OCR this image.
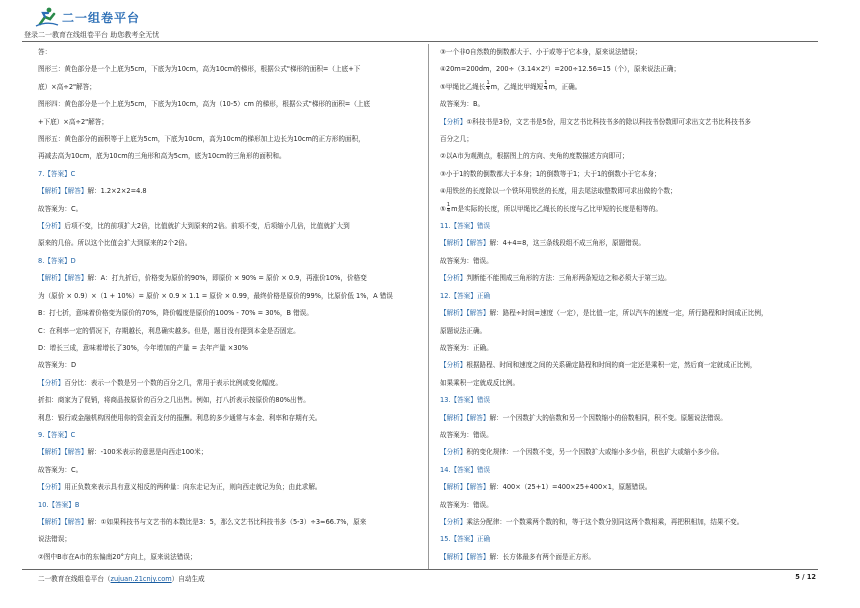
二一组卷平台
登录二一教育在线组卷平台 助您教考全无忧

答：

图形三：黄色部分是一个上底为5cm，下底为为10cm，高为10cm的梯形，根据公式"梯形的面积=（上底+下

底）×高÷2"解答；

图形四：黄色部分是一个上底为5cm，下底为为10cm，高为（10-5）cm 的梯形，根据公式"梯形的面积=（上底

+下底）×高÷2"解答；

图形五：黄色部分的面积等于上底为5cm，下底为10cm，高为10cm的梯形加上边长为10cm的正方形的面积，

再减去高为10cm，底为10cm的三角形和高为5cm，底为10cm的三角形的面积和。

7.【答案】C

【解析】【解答】解：1.2×2×2=4.8

故答案为：C。

【分析】后项不变，比的前项扩大2倍，比值就扩大到原来的2倍。前项不变，后项缩小几倍，比值就扩大到

原来的几倍。所以这个比值会扩大到原来的2个2倍。

8.【答案】D

【解析】【解答】解：A：打九折后，价格变为原价的90%，即原价 × 90% = 原价 × 0.9，再涨价10%，价格变

为（原价 × 0.9）×（1 + 10%）= 原价 × 0.9 × 1.1 = 原价 × 0.99，最终价格是原价的99%，比原价低 1%，A 错误

B：打七折，意味着价格变为原价的70%，降价幅度是原价的100% - 70% = 30%，B 错误。

C：在利率一定的情况下，存期越长，利息确实越多。但是，题目没有提到本金是否固定。

D：增长三成，意味着增长了30%，今年增加的产量 = 去年产量 ×30%

故答案为：D

【分析】百分比：表示一个数是另一个数的百分之几，常用于表示比例或变化幅度。

折扣：商家为了促销，将商品按原价的百分之几出售。例如，打八折表示按原价的80%出售。

利息：银行或金融机构因使用你的资金而支付的报酬。利息的多少通常与本金、利率和存期有关。

9.【答案】C

【解析】【解答】解：-100米表示的意思是向西走100米；

故答案为：C。

【分析】用正负数来表示具有意义相反的两种量：向东走记为正，则向西走就记为负；由此求解。

10.【答案】B

【解析】【解答】解：①如果科技书与文艺书的本数比是3：5，那么文艺书比科技书多（5-3）÷3≈66.7%，原来

说法错误；

②图中B市在A市的东偏南20°方向上，原来说法错误；

③一个非0自然数的倒数都大于、小于或等于它本身，原来说法错误；

④20m=200dm，200÷（3.14×2²）=200÷12.56=15（个），原来说法正确；

⑤甲绳比乙绳长 $\frac{1}{4}$ m，乙绳比甲绳短 $\frac{1}{4}$ m，正确。

故答案为：B。

【分析】①科技书是3份，文艺书是5份，用文艺书比科技书多的除以科技书份数即可求出文艺书比科技书多

百分之几；

②以A市为观测点，根据图上的方向、夹角的度数描述方向即可；

③小于1的数的倒数都大于本身；1的倒数等于1；大于1的倒数小于它本身；

④用铁丝的长度除以一个铁环用铁丝的长度，用去尾法取整数即可求出做的个数；

⑤ $\frac{1}{4}$ m是实际的长度，所以甲绳比乙绳长的长度与乙比甲短的长度是相等的。

11.【答案】错误

【解析】【解答】解：4+4=8，这三条线段组不成三角形，原题错误。

故答案为：错误。

【分析】判断能不能围成三角形的方法：三角形两条短边之和必须大于第三边。

12.【答案】正确

【解析】【解答】解：路程÷时间=速度（一定），是比值一定，所以汽车的速度一定，所行路程和时间成正比例，

原题说法正确。

故答案为：正确。

【分析】根据路程、时间和速度之间的关系确定路程和时间的商一定还是乘积一定，然后商一定就成正比例，

如果乘积一定就成反比例。

13.【答案】错误

【解析】【解答】解：一个因数扩大的倍数和另一个因数缩小的倍数相同，积不变。原题说法错误。

故答案为：错误。

【分析】积的变化规律：一个因数不变，另一个因数扩大或缩小多少倍，积也扩大或缩小多少倍。

14.【答案】错误

【解析】【解答】解：400×（25+1）=400×25+400×1，原题错误。

故答案为：错误。

【分析】乘法分配律：一个数乘两个数的和，等于这个数分别同这两个数相乘，再把积相加，结果不变。

15.【答案】正确

【解析】【解答】解：长方体最多有两个面是正方形。

二一教育在线组卷平台（zujuan.21cnjy.com）自动生成	5 / 12
